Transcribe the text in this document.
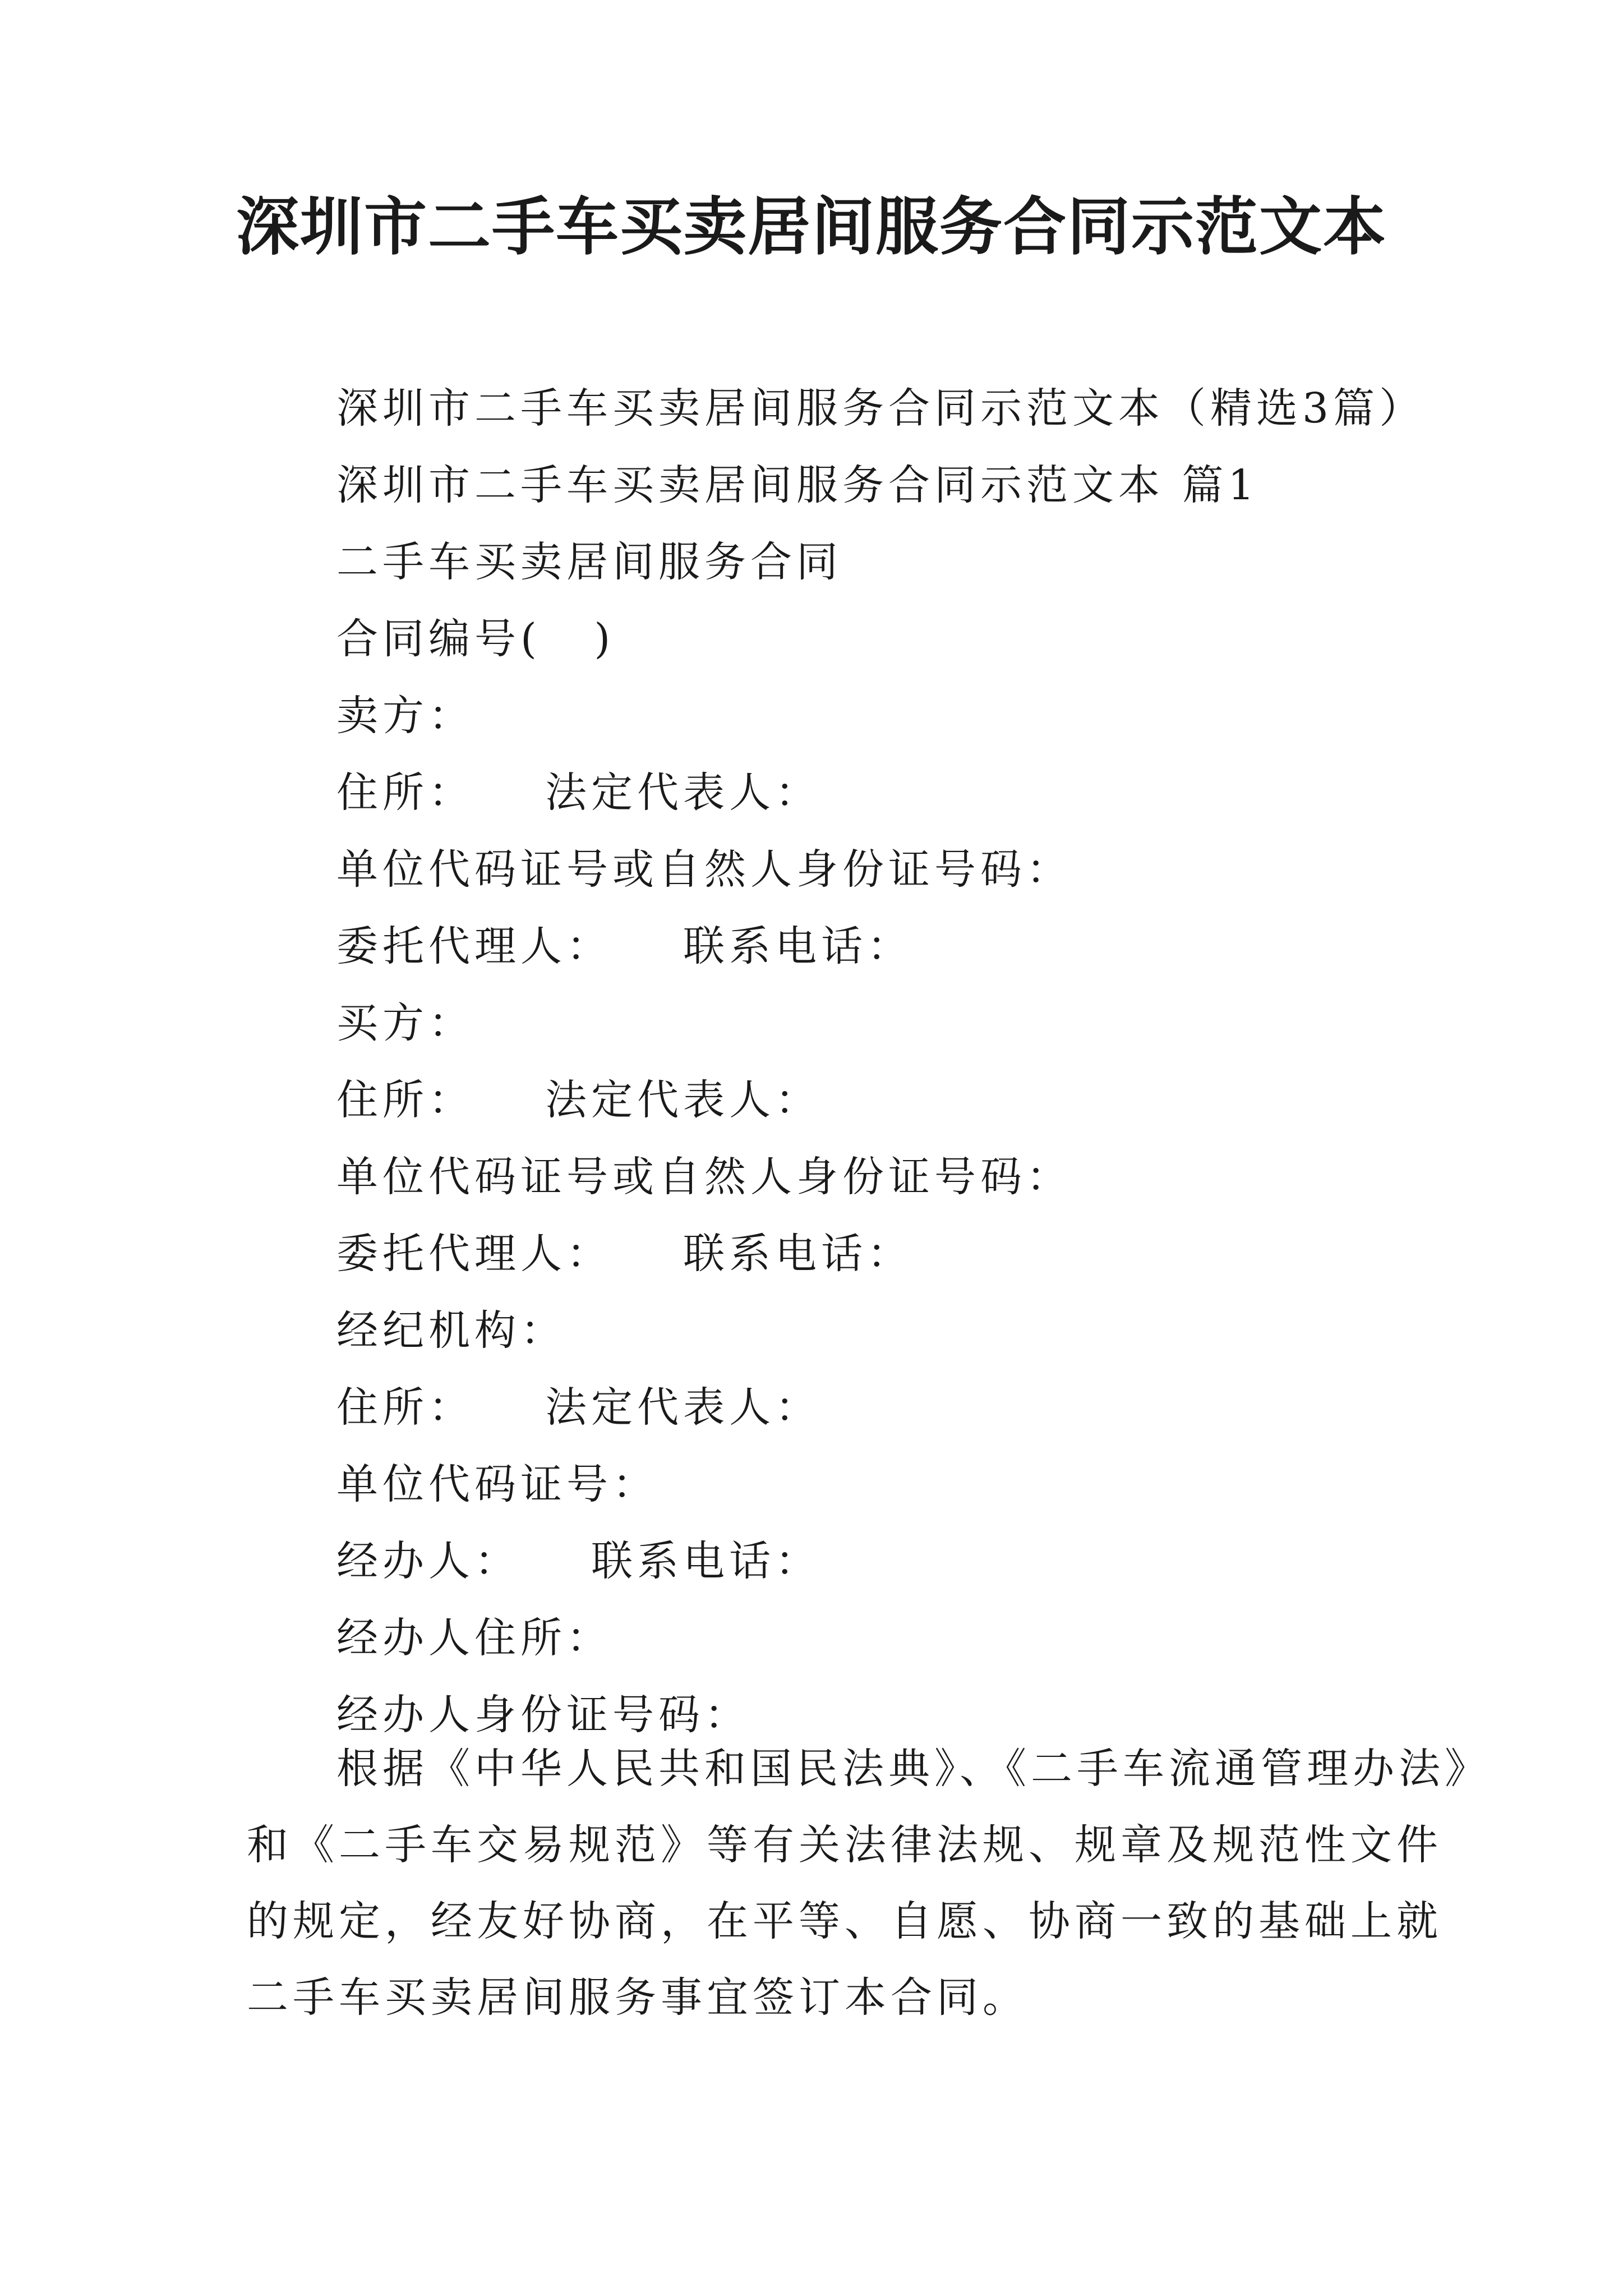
深圳市二手车买卖居间服务合同示范文本
深圳市二手车买卖居间服务合同示范文本（精选3篇）
深圳市二手车买卖居间服务合同示范文本 篇1
二手车买卖居间服务合同
合同编号(   )
卖方：
住所：    法定代表人：
单位代码证号或自然人身份证号码：
委托代理人：    联系电话：
买方：
住所：    法定代表人：
单位代码证号或自然人身份证号码：
委托代理人：    联系电话：
经纪机构：
住所：    法定代表人：
单位代码证号：
经办人：    联系电话：
经办人住所：
经办人身份证号码：
根据《中华人民共和国民法典》、《二手车流通管理办法》
和《二手车交易规范》等有关法律法规、规章及规范性文件
的规定，经友好协商，在平等、自愿、协商一致的基础上就
二手车买卖居间服务事宜签订本合同。
